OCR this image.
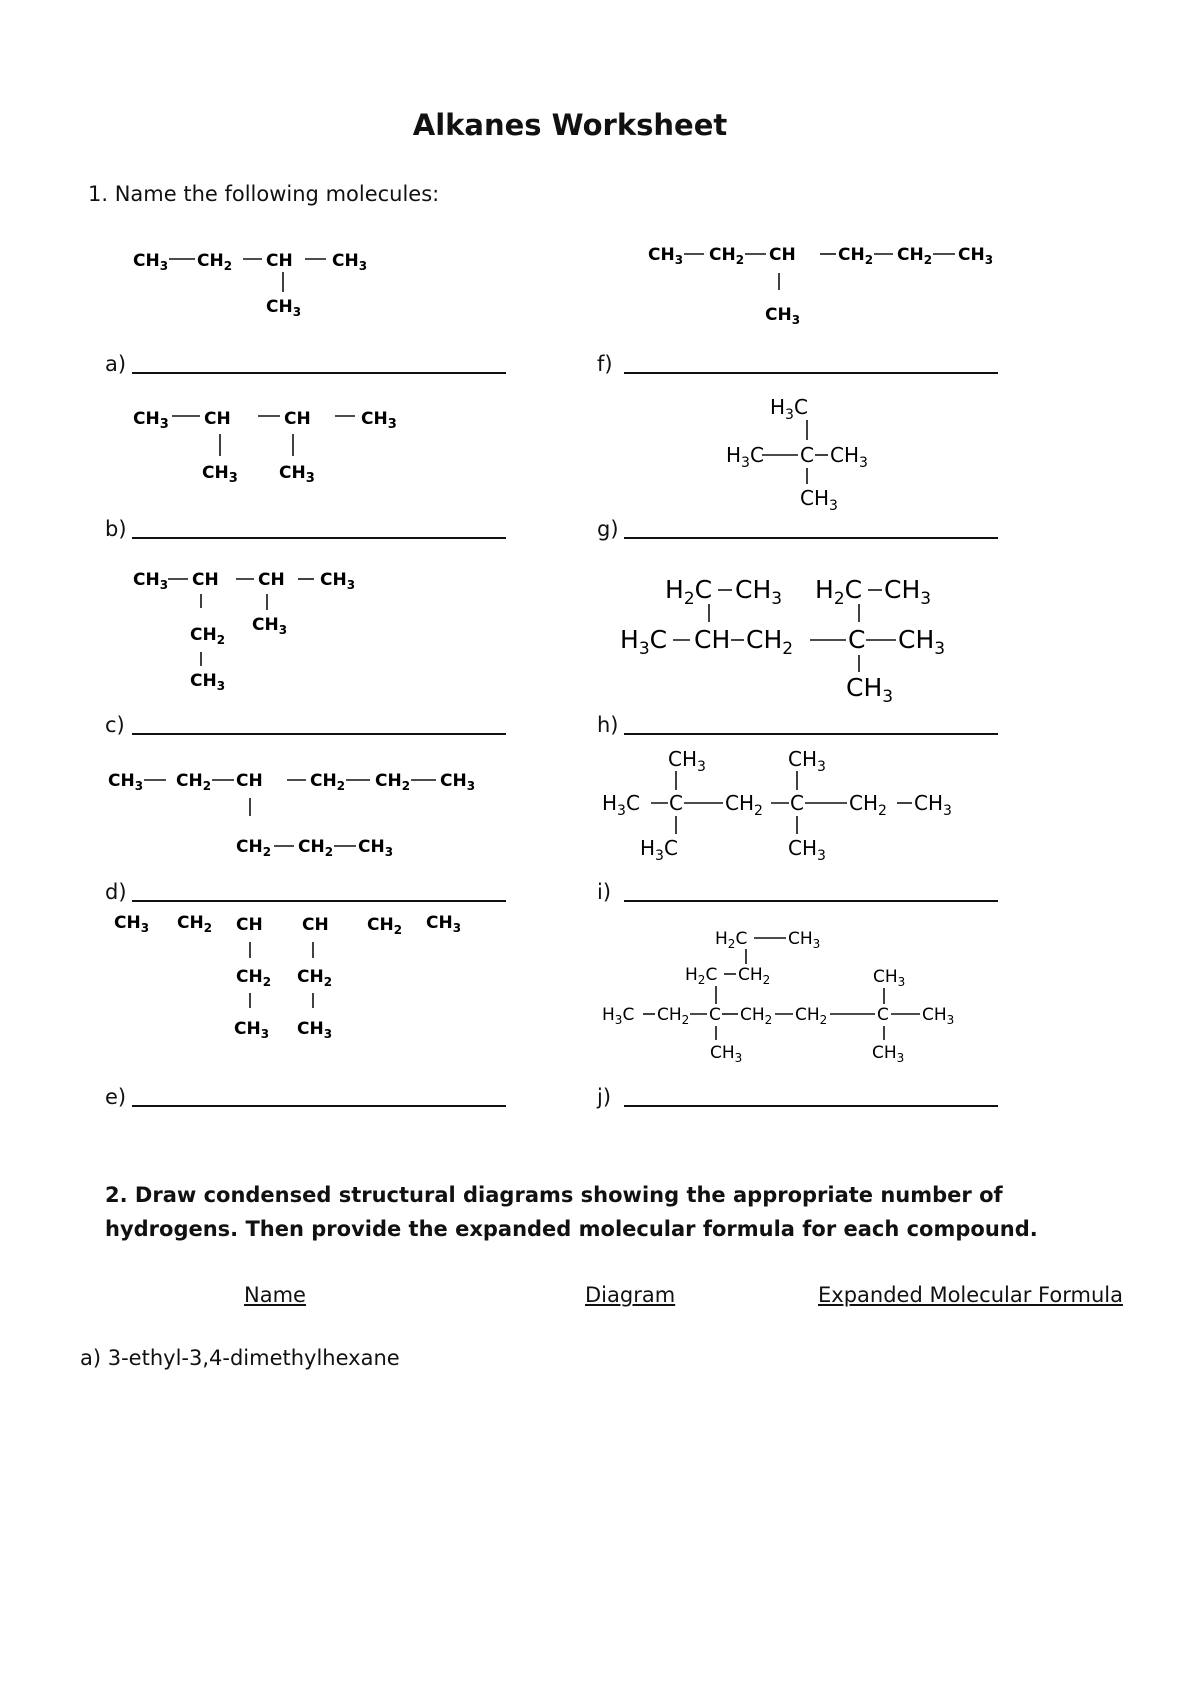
Alkanes Worksheet
1. Name the following molecules:
a)
b)
c)
d)
e)
f)
g)
h)
i)
j)
$CH_3$ $CH_2$ CH $CH_3$
$CH_3$
$CH_3$ $CH_2$ CH $CH_2$ $CH_2$ $CH_3$
$CH_3$
$CH_3$ CH	CH	$CH_3$
$CH_3$ $CH_3$
$H_3C$
$H_3C$ C $CH_3$
$CH_3$
$CH_3$ CH CH $CH_3$
$CH_3$
$CH_2$
$CH_3$
$H_2C$ $CH_3$ $H_2C$ $CH_3$
$H_3C$ CH $CH_2$ C $CH_3$
$CH_3$
$CH_3$ $CH_2$ CH	$CH_2$ $CH_2$ $CH_3$
$CH_2$ $CH_2$ $CH_3$
$CH_3$	$CH_3$
$H_3C$ C $CH_2$ C $CH_2$ $CH_3$
$H_3C$	$CH_3$
$CH_3$ $CH_2$ CH CH $CH_2$ $CH_3$
$CH_2$ $CH_2$
$CH_3$ $CH_3$
$H_2C$ $CH_3$
$H_2C$ $CH_2$	$CH_3$
$H_3C$ $CH_2$ C $CH_2$ $CH_2$	C $CH_3$
$CH_3$	$CH_3$
2. Draw condensed structural diagrams showing the appropriate number of
hydrogens. Then provide the expanded molecular formula for each compound.
Name	Diagram	Expanded Molecular Formula
a) 3-ethyl-3,4-dimethylhexane
